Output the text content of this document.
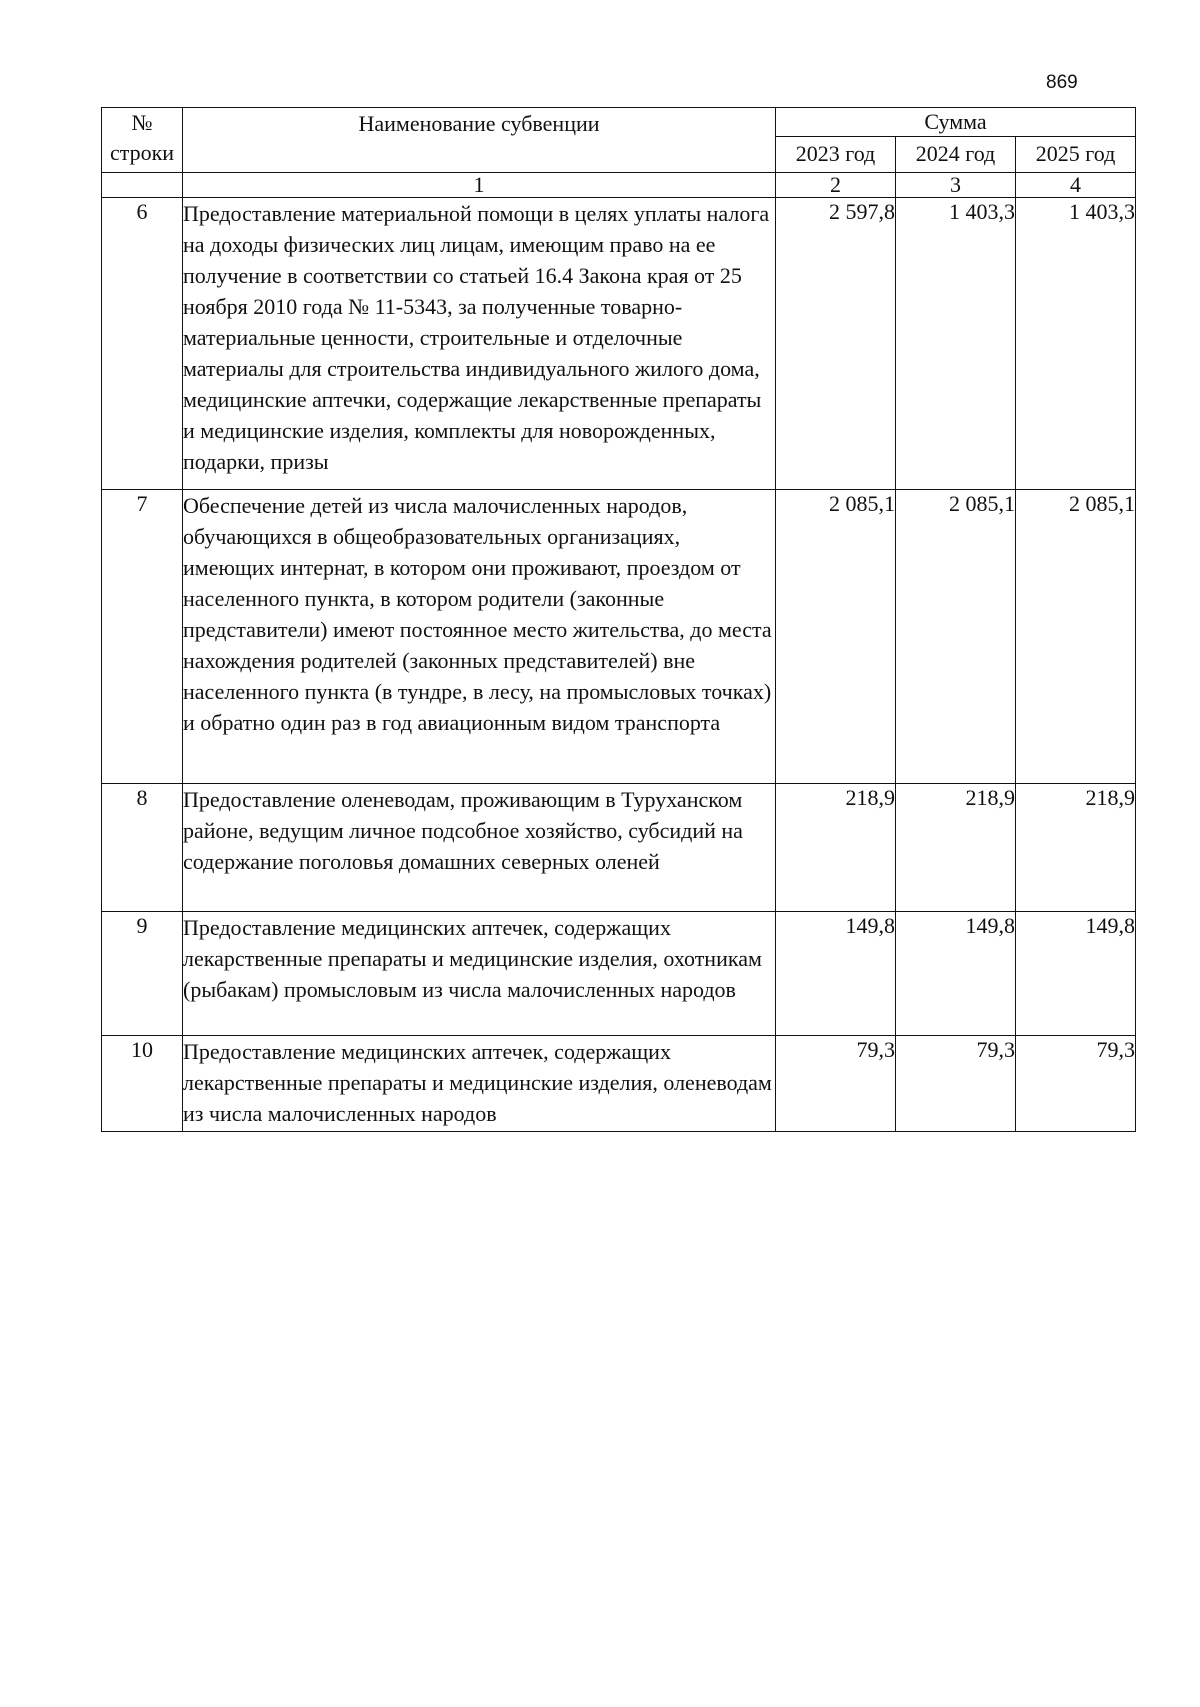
869
№ строки	Наименование субвенции	Сумма		
		2023 год	2024 год	2025 год
	1	2	3	4
6	Предоставление материальной помощи в целях уплаты налога на доходы физических лиц лицам, имеющим право на ее получение в соответствии со статьей 16.4 Закона края от 25 ноября 2010 года № 11-5343, за полученные товарно-материальные ценности, строительные и отделочные материалы для строительства индивидуального жилого дома, медицинские аптечки, содержащие лекарственные препараты и медицинские изделия, комплекты для новорожденных, подарки, призы	2 597,8	1 403,3	1 403,3
7	Обеспечение детей из числа малочисленных народов, обучающихся в общеобразовательных организациях, имеющих интернат, в котором они проживают, проездом от населенного пункта, в котором родители (законные представители) имеют постоянное место жительства, до места нахождения родителей (законных представителей) вне населенного пункта (в тундре, в лесу, на промысловых точках) и обратно один раз в год авиационным видом транспорта	2 085,1	2 085,1	2 085,1
8	Предоставление оленеводам, проживающим в Туруханском районе, ведущим личное подсобное хозяйство, субсидий на содержание поголовья домашних северных оленей	218,9	218,9	218,9
9	Предоставление медицинских аптечек, содержащих лекарственные препараты и медицинские изделия, охотникам (рыбакам) промысловым из числа малочисленных народов	149,8	149,8	149,8
10	Предоставление медицинских аптечек, содержащих лекарственные препараты и медицинские изделия, оленеводам из числа малочисленных народов	79,3	79,3	79,3
